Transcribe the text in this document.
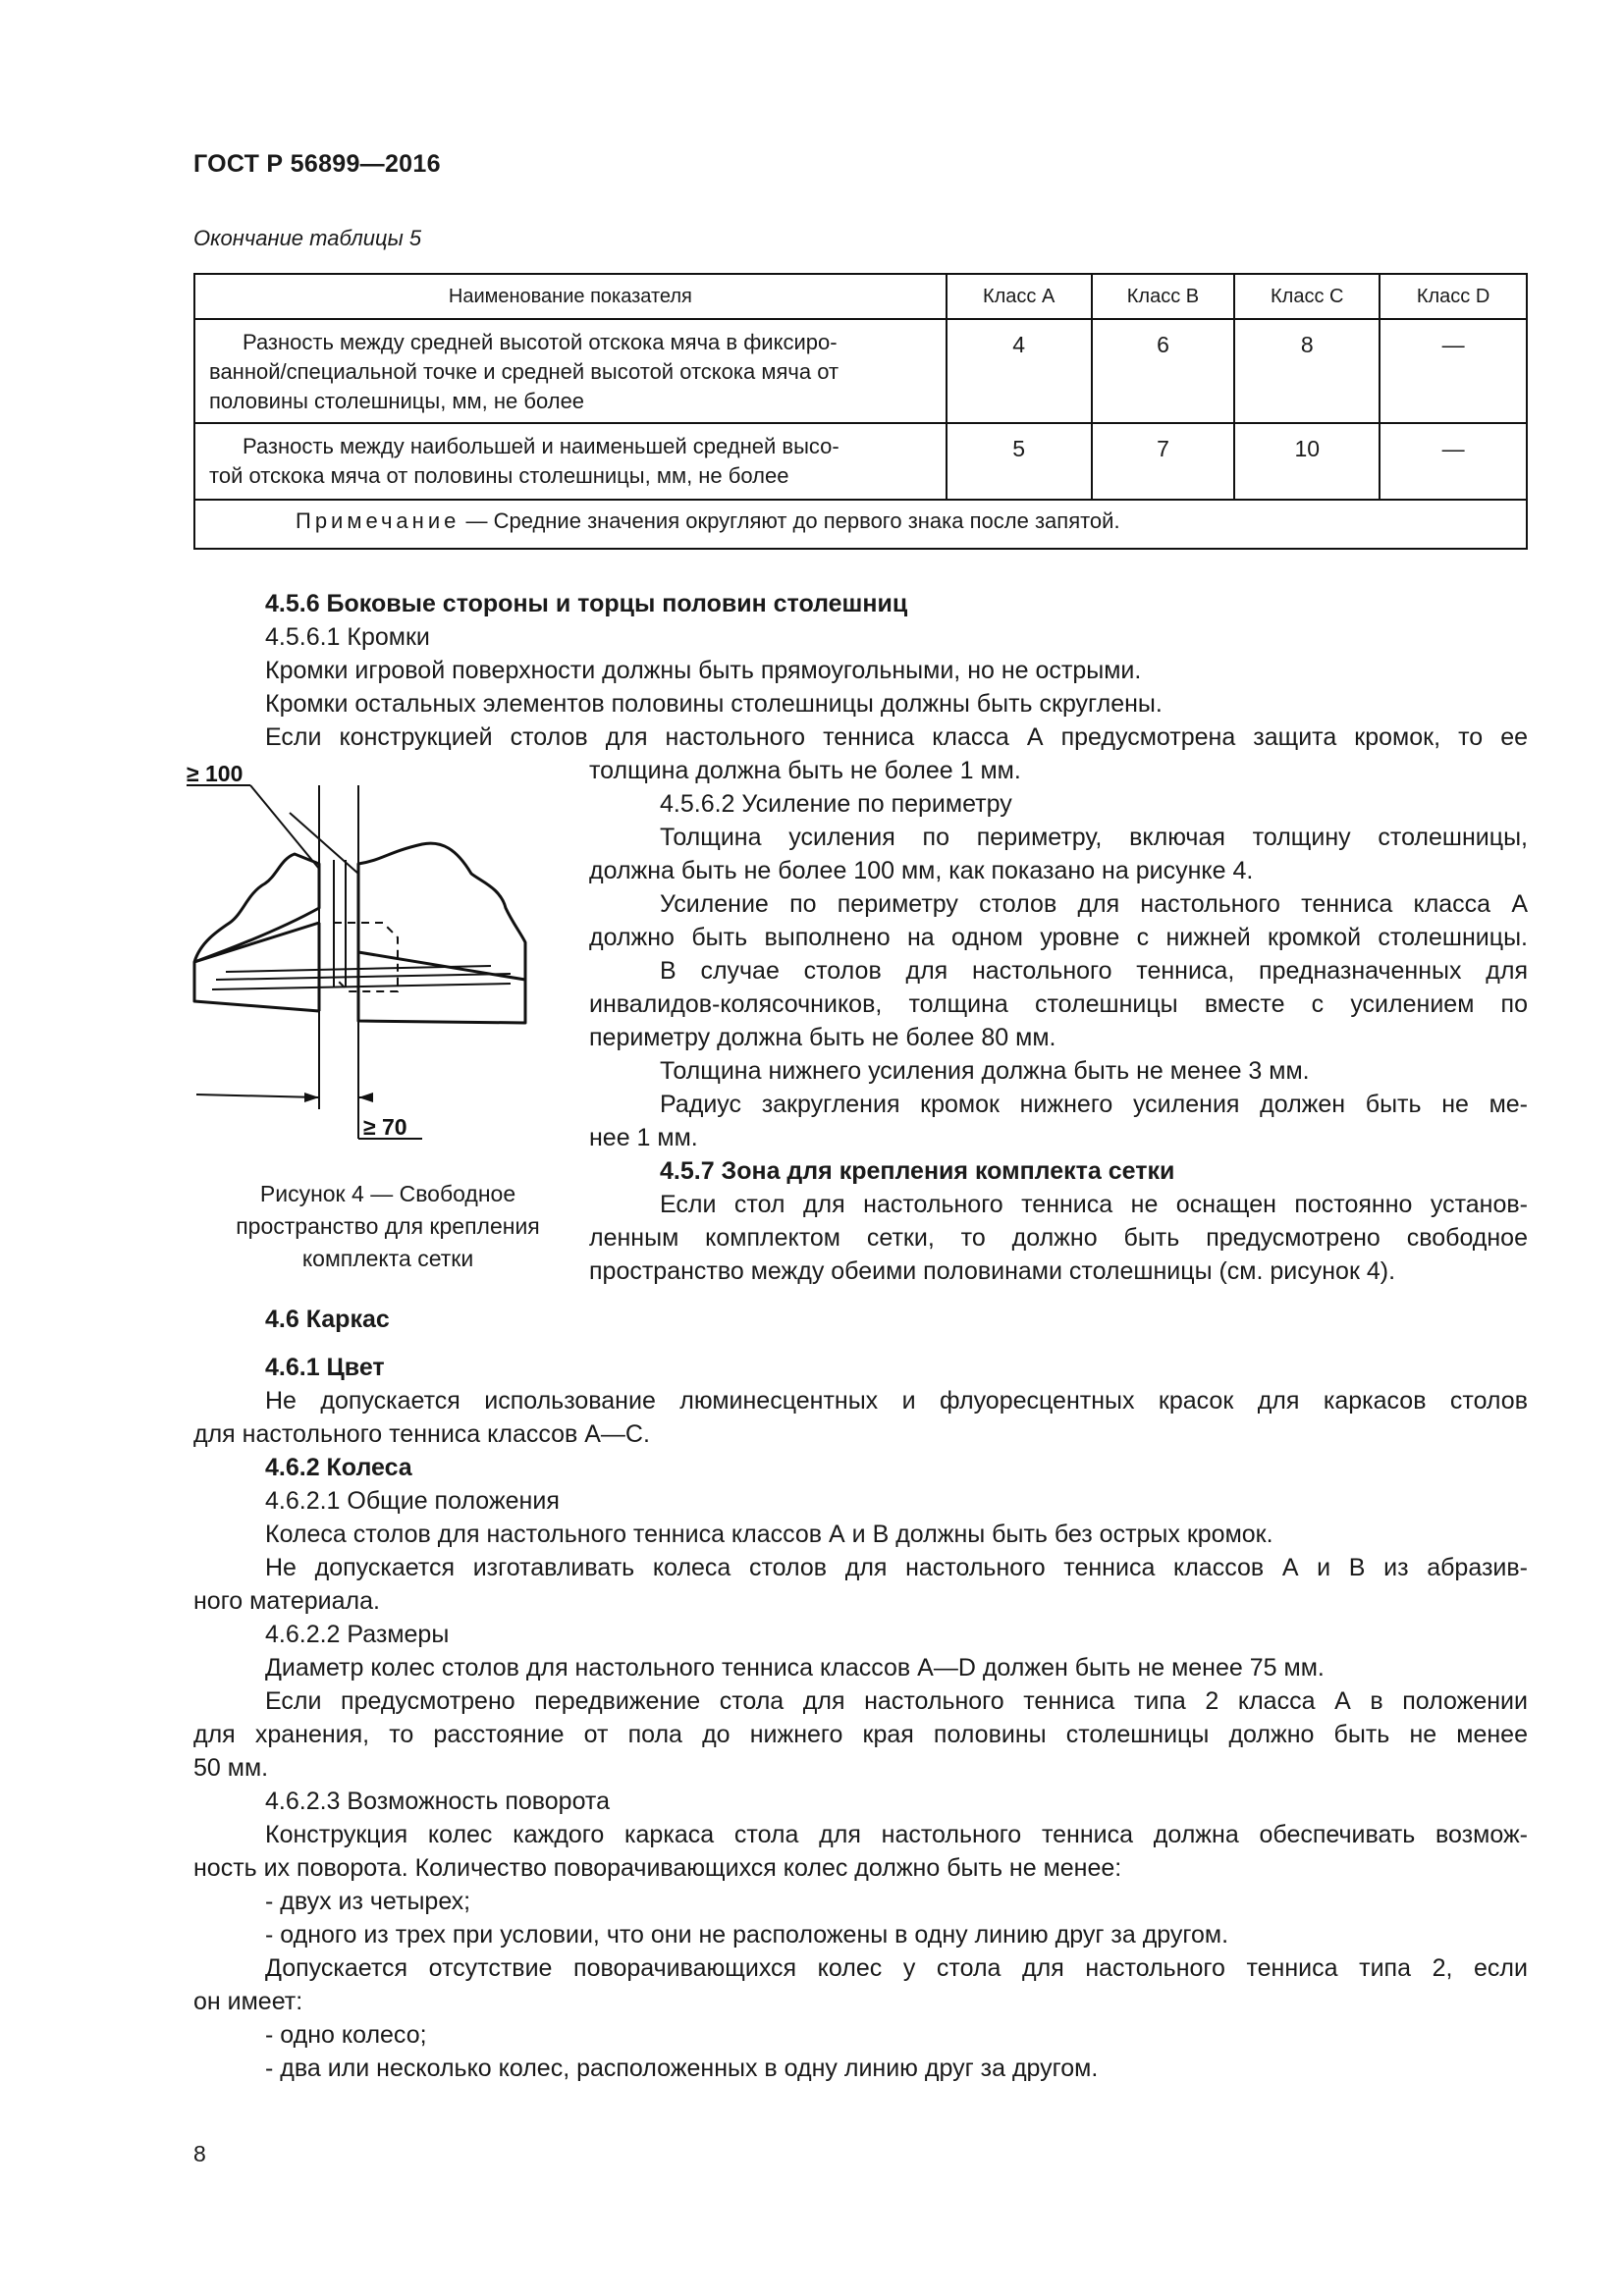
ГОСТ Р 56899—2016
Окончание таблицы 5
Наименование показателя	Класс А	Класс В	Класс С	Класс D

Разность между средней высотой отскока мяча в фиксиро-
ванной/специальной точке и средней высотой отскока мяча от
половины столешницы, мм, не более	4	6	8	—

Разность между наибольшей и наименьшей средней высо-
той отскока мяча от половины столешницы, мм, не более	5	7	10	—
Примечание — Средние значения округляют до первого знака после запятой.				
4.5.6 Боковые стороны и торцы половин столешниц
4.5.6.1 Кромки
Кромки игровой поверхности должны быть прямоугольными, но не острыми.
Кромки остальных элементов половины столешницы должны быть скруглены.
Если конструкцией столов для настольного тенниса класса А предусмотрена защита кромок, то ее
толщина должна быть не более 1 мм.
≥ 100
≥ 70
Рисунок 4 — Свободное
пространство для крепления
комплекта сетки
4.5.6.2 Усиление по периметру
Толщина усиления по периметру, включая толщину столешницы,
должна быть не более 100 мм, как показано на рисунке 4.
Усиление по периметру столов для настольного тенниса класса А
должно быть выполнено на одном уровне с нижней кромкой столешницы.
В случае столов для настольного тенниса, предназначенных для
инвалидов-колясочников, толщина столешницы вместе с усилением по
периметру должна быть не более 80 мм.
Толщина нижнего усиления должна быть не менее 3 мм.
Радиус закругления кромок нижнего усиления должен быть не ме-
нее 1 мм.
4.5.7 Зона для крепления комплекта сетки
Если стол для настольного тенниса не оснащен постоянно установ-
ленным комплектом сетки, то должно быть предусмотрено свободное
пространство между обеими половинами столешницы (см. рисунок 4).
4.6 Каркас
4.6.1 Цвет
Не допускается использование люминесцентных и флуоресцентных красок для каркасов столов
для настольного тенниса классов А—С.
4.6.2 Колеса
4.6.2.1 Общие положения
Колеса столов для настольного тенниса классов А и В должны быть без острых кромок.
Не допускается изготавливать колеса столов для настольного тенниса классов А и В из абразив-
ного материала.
4.6.2.2 Размеры
Диаметр колес столов для настольного тенниса классов А—D должен быть не менее 75 мм.
Если предусмотрено передвижение стола для настольного тенниса типа 2 класса А в положении
для хранения, то расстояние от пола до нижнего края половины столешницы должно быть не менее
50 мм.
4.6.2.3 Возможность поворота
Конструкция колес каждого каркаса стола для настольного тенниса должна обеспечивать возмож-
ность их поворота. Количество поворачивающихся колес должно быть не менее:
- двух из четырех;
- одного из трех при условии, что они не расположены в одну линию друг за другом.
Допускается отсутствие поворачивающихся колес у стола для настольного тенниса типа 2, если
он имеет:
- одно колесо;
- два или несколько колес, расположенных в одну линию друг за другом.
8
